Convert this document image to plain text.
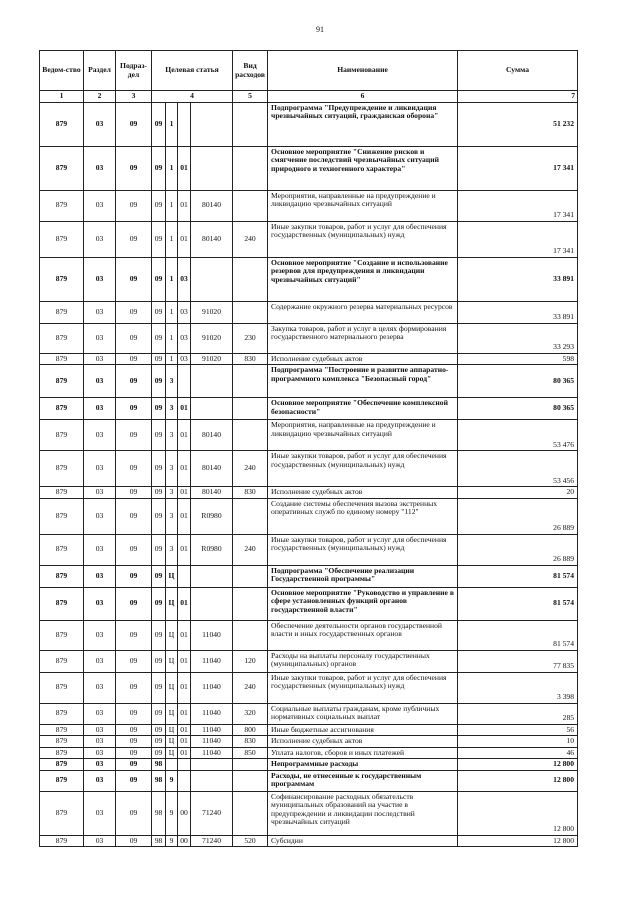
91
Ведом-ство	Раздел	Подраз-дел	Целевая статья				Вид расходов	Наименование	Сумма
1	2	3	4				5	6	7
879	03	09	09	1				Подпрограмма "Предупреждение и ликвидация чрезвычайных ситуаций, гражданская оборона"	51 232
879	03	09	09	1	01			Основное мероприятие "Снижение рисков и смягчение последствий чрезвычайных ситуаций природного и техногенного характера"	17 341
879	03	09	09	1	01	80140		Мероприятия, направленные на предупреждение и ликвидацию чрезвычайных ситуаций	17 341
879	03	09	09	1	01	80140	240	Иные закупки товаров, работ и услуг для обеспечения государственных (муниципальных) нужд	17 341
879	03	09	09	1	03			Основное мероприятие "Создание и использование резервов для предупреждения и ликвидации чрезвычайных ситуаций"	33 891
879	03	09	09	1	03	91020		Содержание окружного резерва материальных ресурсов	33 891
879	03	09	09	1	03	91020	230	Закупка товаров, работ и услуг в целях формирования государственного материального резерва	33 293
879	03	09	09	1	03	91020	830	Исполнение судебных актов	598
879	03	09	09	3				Подпрограмма "Построение и развитие аппаратно-программного комплекса "Безопасный город"	80 365
879	03	09	09	3	01			Основное мероприятие "Обеспечение комплексной безопасности"	80 365
879	03	09	09	3	01	80140		Мероприятия, направленные на предупреждение и ликвидацию чрезвычайных ситуаций	53 476
879	03	09	09	3	01	80140	240	Иные закупки товаров, работ и услуг для обеспечения государственных (муниципальных) нужд	53 456
879	03	09	09	3	01	80140	830	Исполнение судебных актов	20
879	03	09	09	3	01	R0980		Создание системы обеспечения вызова экстренных оперативных служб по единому номеру "112"	26 889
879	03	09	09	3	01	R0980	240	Иные закупки товаров, работ и услуг для обеспечения государственных (муниципальных) нужд	26 889
879	03	09	09	Ц				Подпрограмма "Обеспечение реализации Государственной программы"	81 574
879	03	09	09	Ц	01			Основное мероприятие "Руководство и управление в сфере установленных функций органов государственной власти"	81 574
879	03	09	09	Ц	01	11040		Обеспечение деятельности органов государственной власти и иных государственных органов	81 574
879	03	09	09	Ц	01	11040	120	Расходы на выплаты персоналу государственных (муниципальных) органов	77 835
879	03	09	09	Ц	01	11040	240	Иные закупки товаров, работ и услуг для обеспечения государственных (муниципальных) нужд	3 398
879	03	09	09	Ц	01	11040	320	Социальные выплаты гражданам, кроме публичных нормативных социальных выплат	285
879	03	09	09	Ц	01	11040	800	Иные бюджетные ассигнования	56
879	03	09	09	Ц	01	11040	830	Исполнение судебных актов	10
879	03	09	09	Ц	01	11040	850	Уплата налогов, сборов и иных платежей	46
879	03	09	98					Непрограммные расходы	12 800
879	03	09	98	9				Расходы, не отнесенные к государственным программам	12 800
879	03	09	98	9	00	71240		Софинансирование расходных обязательств муниципальных образований на участие в предупреждении и ликвидации последствий чрезвычайных ситуаций	12 800
879	03	09	98	9	00	71240	520	Субсидии	12 800
